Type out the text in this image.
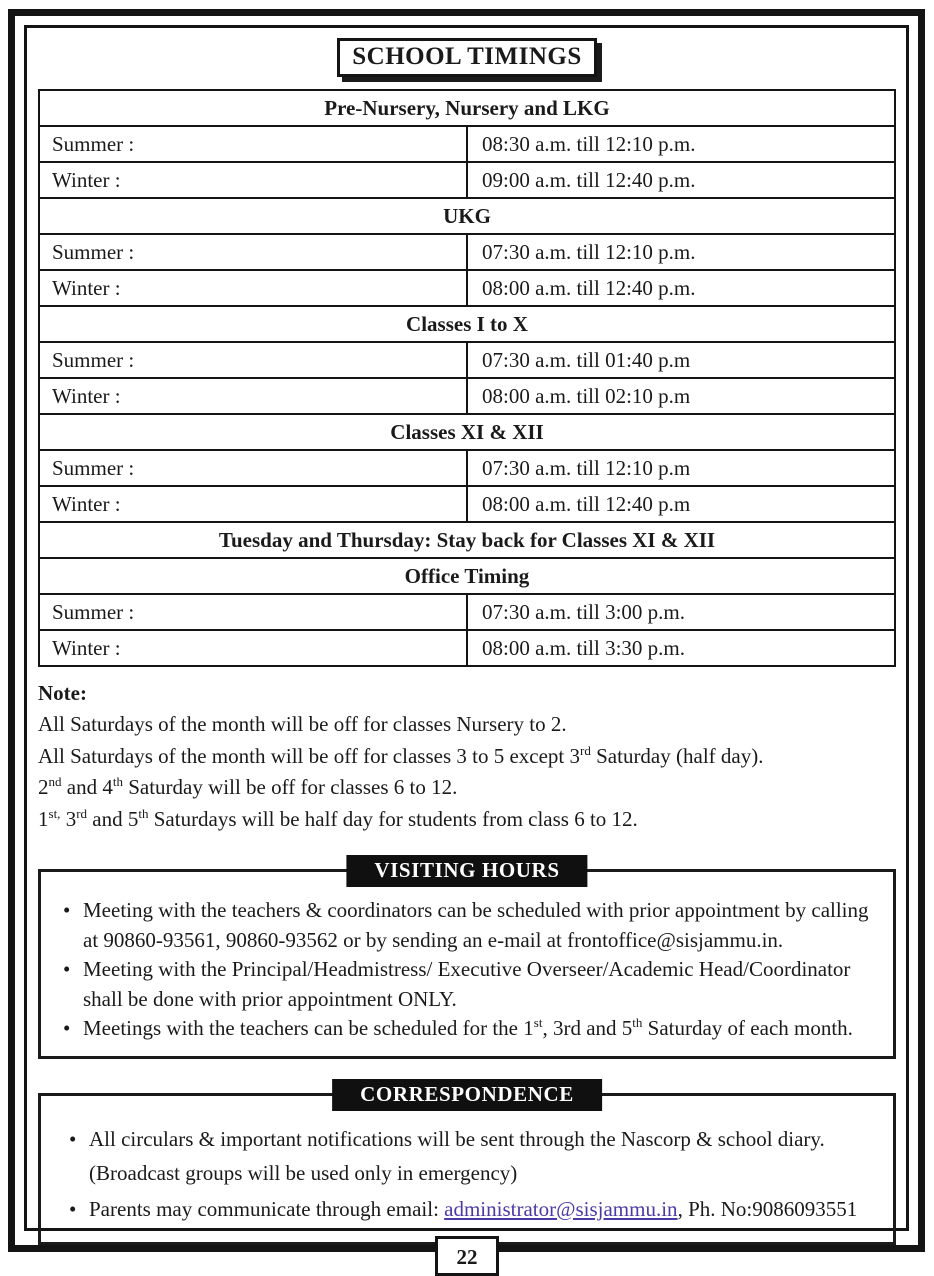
SCHOOL TIMINGS
Pre-Nursery, Nursery and LKG	
Summer :	08:30 a.m. till 12:10 p.m.
Winter :	09:00 a.m. till 12:40 p.m.
UKG	
Summer :	07:30 a.m. till 12:10 p.m.
Winter :	08:00 a.m. till 12:40 p.m.
Classes I to X	
Summer :	07:30 a.m. till 01:40 p.m
Winter :	08:00 a.m. till 02:10 p.m
Classes XI & XII	
Summer :	07:30 a.m. till 12:10 p.m
Winter :	08:00 a.m. till 12:40 p.m
Tuesday and Thursday: Stay back for Classes XI & XII	
Office Timing	
Summer :	07:30 a.m. till 3:00 p.m.
Winter :	08:00 a.m. till 3:30 p.m.
Note:
All Saturdays of the month will be off for classes Nursery to 2.
All Saturdays of the month will be off for classes 3 to 5 except 3rd Saturday (half day).
2nd and 4th Saturday will be off for classes 6 to 12.
$1^{st,}$ 3rd and 5th Saturdays will be half day for students from class 6 to 12.
VISITING HOURS
• Meeting with the teachers & coordinators can be scheduled with prior appointment by calling at 90860-93561, 90860-93562 or by sending an e-mail at frontoffice@sisjammu.in.
• Meeting with the Principal/Headmistress/ Executive Overseer/Academic Head/Coordinator shall be done with prior appointment ONLY.
• Meetings with the teachers can be scheduled for the 1st, 3rd and 5th Saturday of each month.
CORRESPONDENCE
• All circulars & important notifications will be sent through the Nascorp & school diary.
(Broadcast groups will be used only in emergency)
• Parents may communicate through email: administrator@sisjammu.in, Ph. No:9086093551
22
